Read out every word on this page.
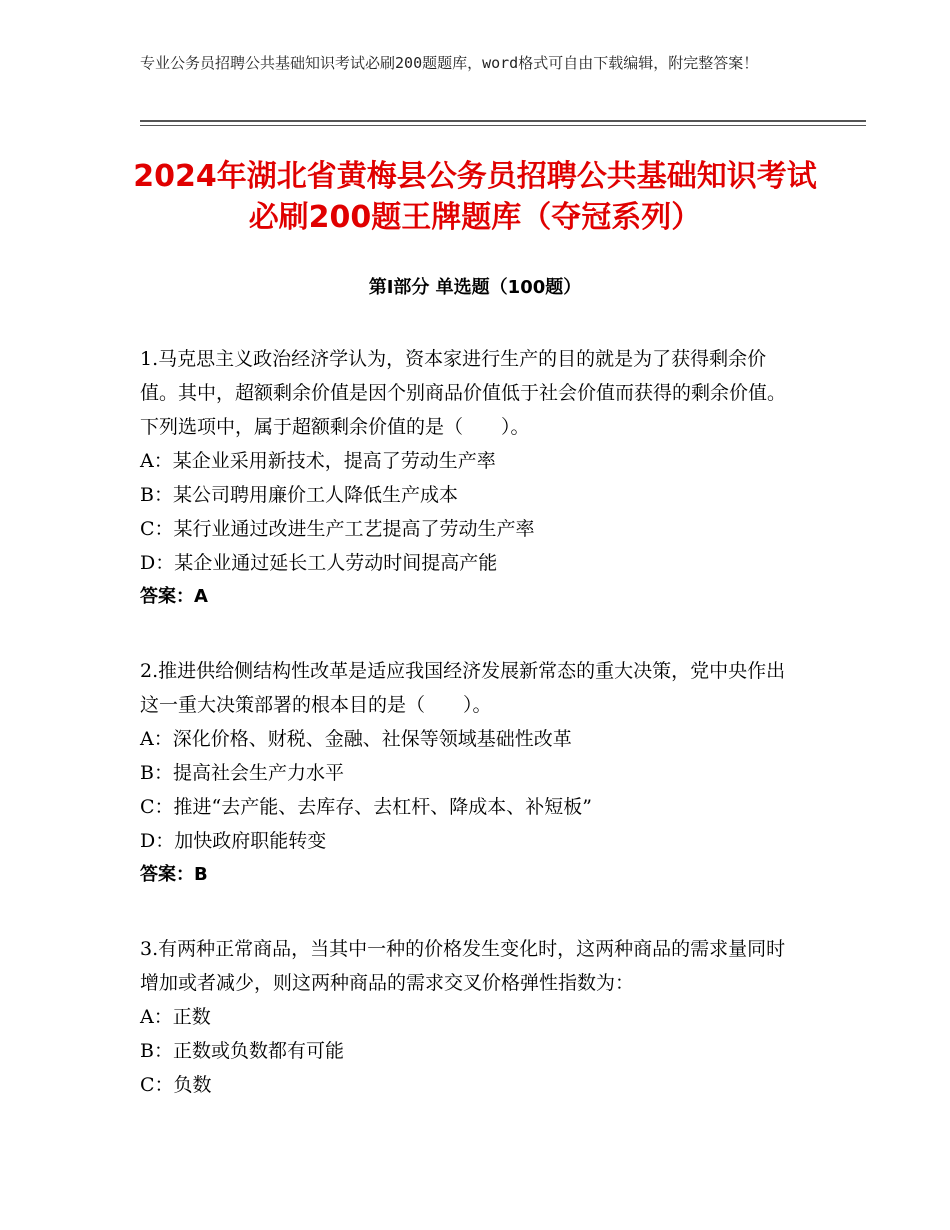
专业公务员招聘公共基础知识考试必刷200题题库，word格式可自由下载编辑，附完整答案！
2024年湖北省黄梅县公务员招聘公共基础知识考试必刷200题王牌题库（夺冠系列）
第Ⅰ部分 单选题（100题）

1.马克思主义政治经济学认为，资本家进行生产的目的就是为了获得剩余价值。其中，超额剩余价值是因个别商品价值低于社会价值而获得的剩余价值。下列选项中，属于超额剩余价值的是（　　）。

A：某企业采用新技术，提高了劳动生产率

B：某公司聘用廉价工人降低生产成本

C：某行业通过改进生产工艺提高了劳动生产率

D：某企业通过延长工人劳动时间提高产能

答案：A

2.推进供给侧结构性改革是适应我国经济发展新常态的重大决策，党中央作出这一重大决策部署的根本目的是（　　）。

A：深化价格、财税、金融、社保等领域基础性改革

B：提高社会生产力水平

C：推进“去产能、去库存、去杠杆、降成本、补短板”

D：加快政府职能转变

答案：B

3.有两种正常商品，当其中一种的价格发生变化时，这两种商品的需求量同时增加或者减少，则这两种商品的需求交叉价格弹性指数为：

A：正数

B：正数或负数都有可能

C：负数
